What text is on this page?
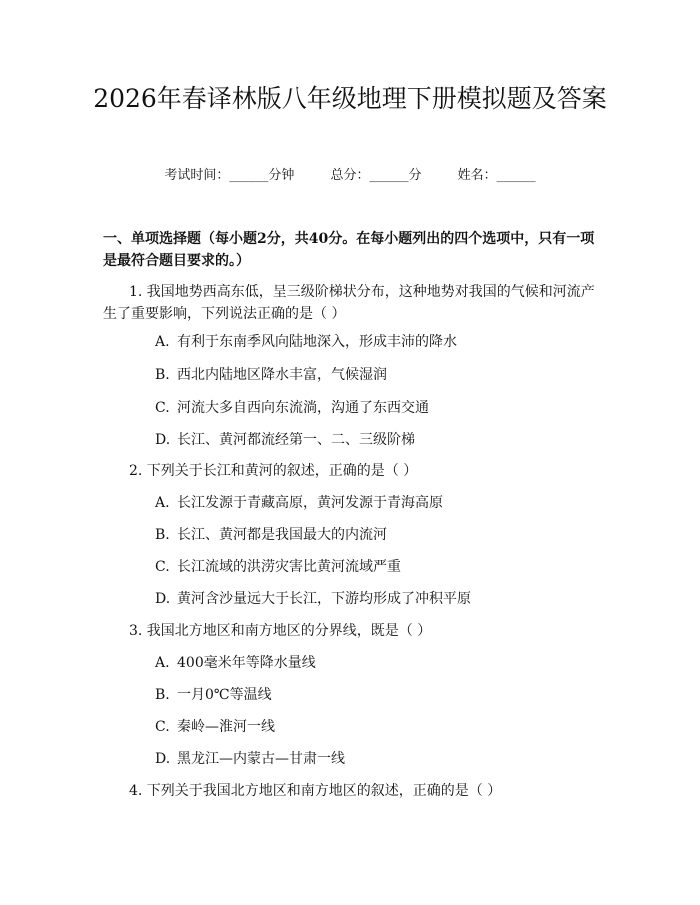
2026年春译林版八年级地理下册模拟题及答案
考试时间：______分钟	总分：______分	姓名：______
一、单项选择题（每小题2分，共40分。在每小题列出的四个选项中，只有一项是最符合题目要求的。）
1. 我国地势西高东低，呈三级阶梯状分布，这种地势对我国的气候和河流产生了重要影响，下列说法正确的是（ ）
A. 有利于东南季风向陆地深入，形成丰沛的降水
B. 西北内陆地区降水丰富，气候湿润
C. 河流大多自西向东流淌，沟通了东西交通
D. 长江、黄河都流经第一、二、三级阶梯
2. 下列关于长江和黄河的叙述，正确的是（ ）
A. 长江发源于青藏高原，黄河发源于青海高原
B. 长江、黄河都是我国最大的内流河
C. 长江流域的洪涝灾害比黄河流域严重
D. 黄河含沙量远大于长江，下游均形成了冲积平原
3. 我国北方地区和南方地区的分界线，既是（ ）
A. 400毫米年等降水量线
B. 一月0℃等温线
C. 秦岭—淮河一线
D. 黑龙江—内蒙古—甘肃一线
4. 下列关于我国北方地区和南方地区的叙述，正确的是（ ）
